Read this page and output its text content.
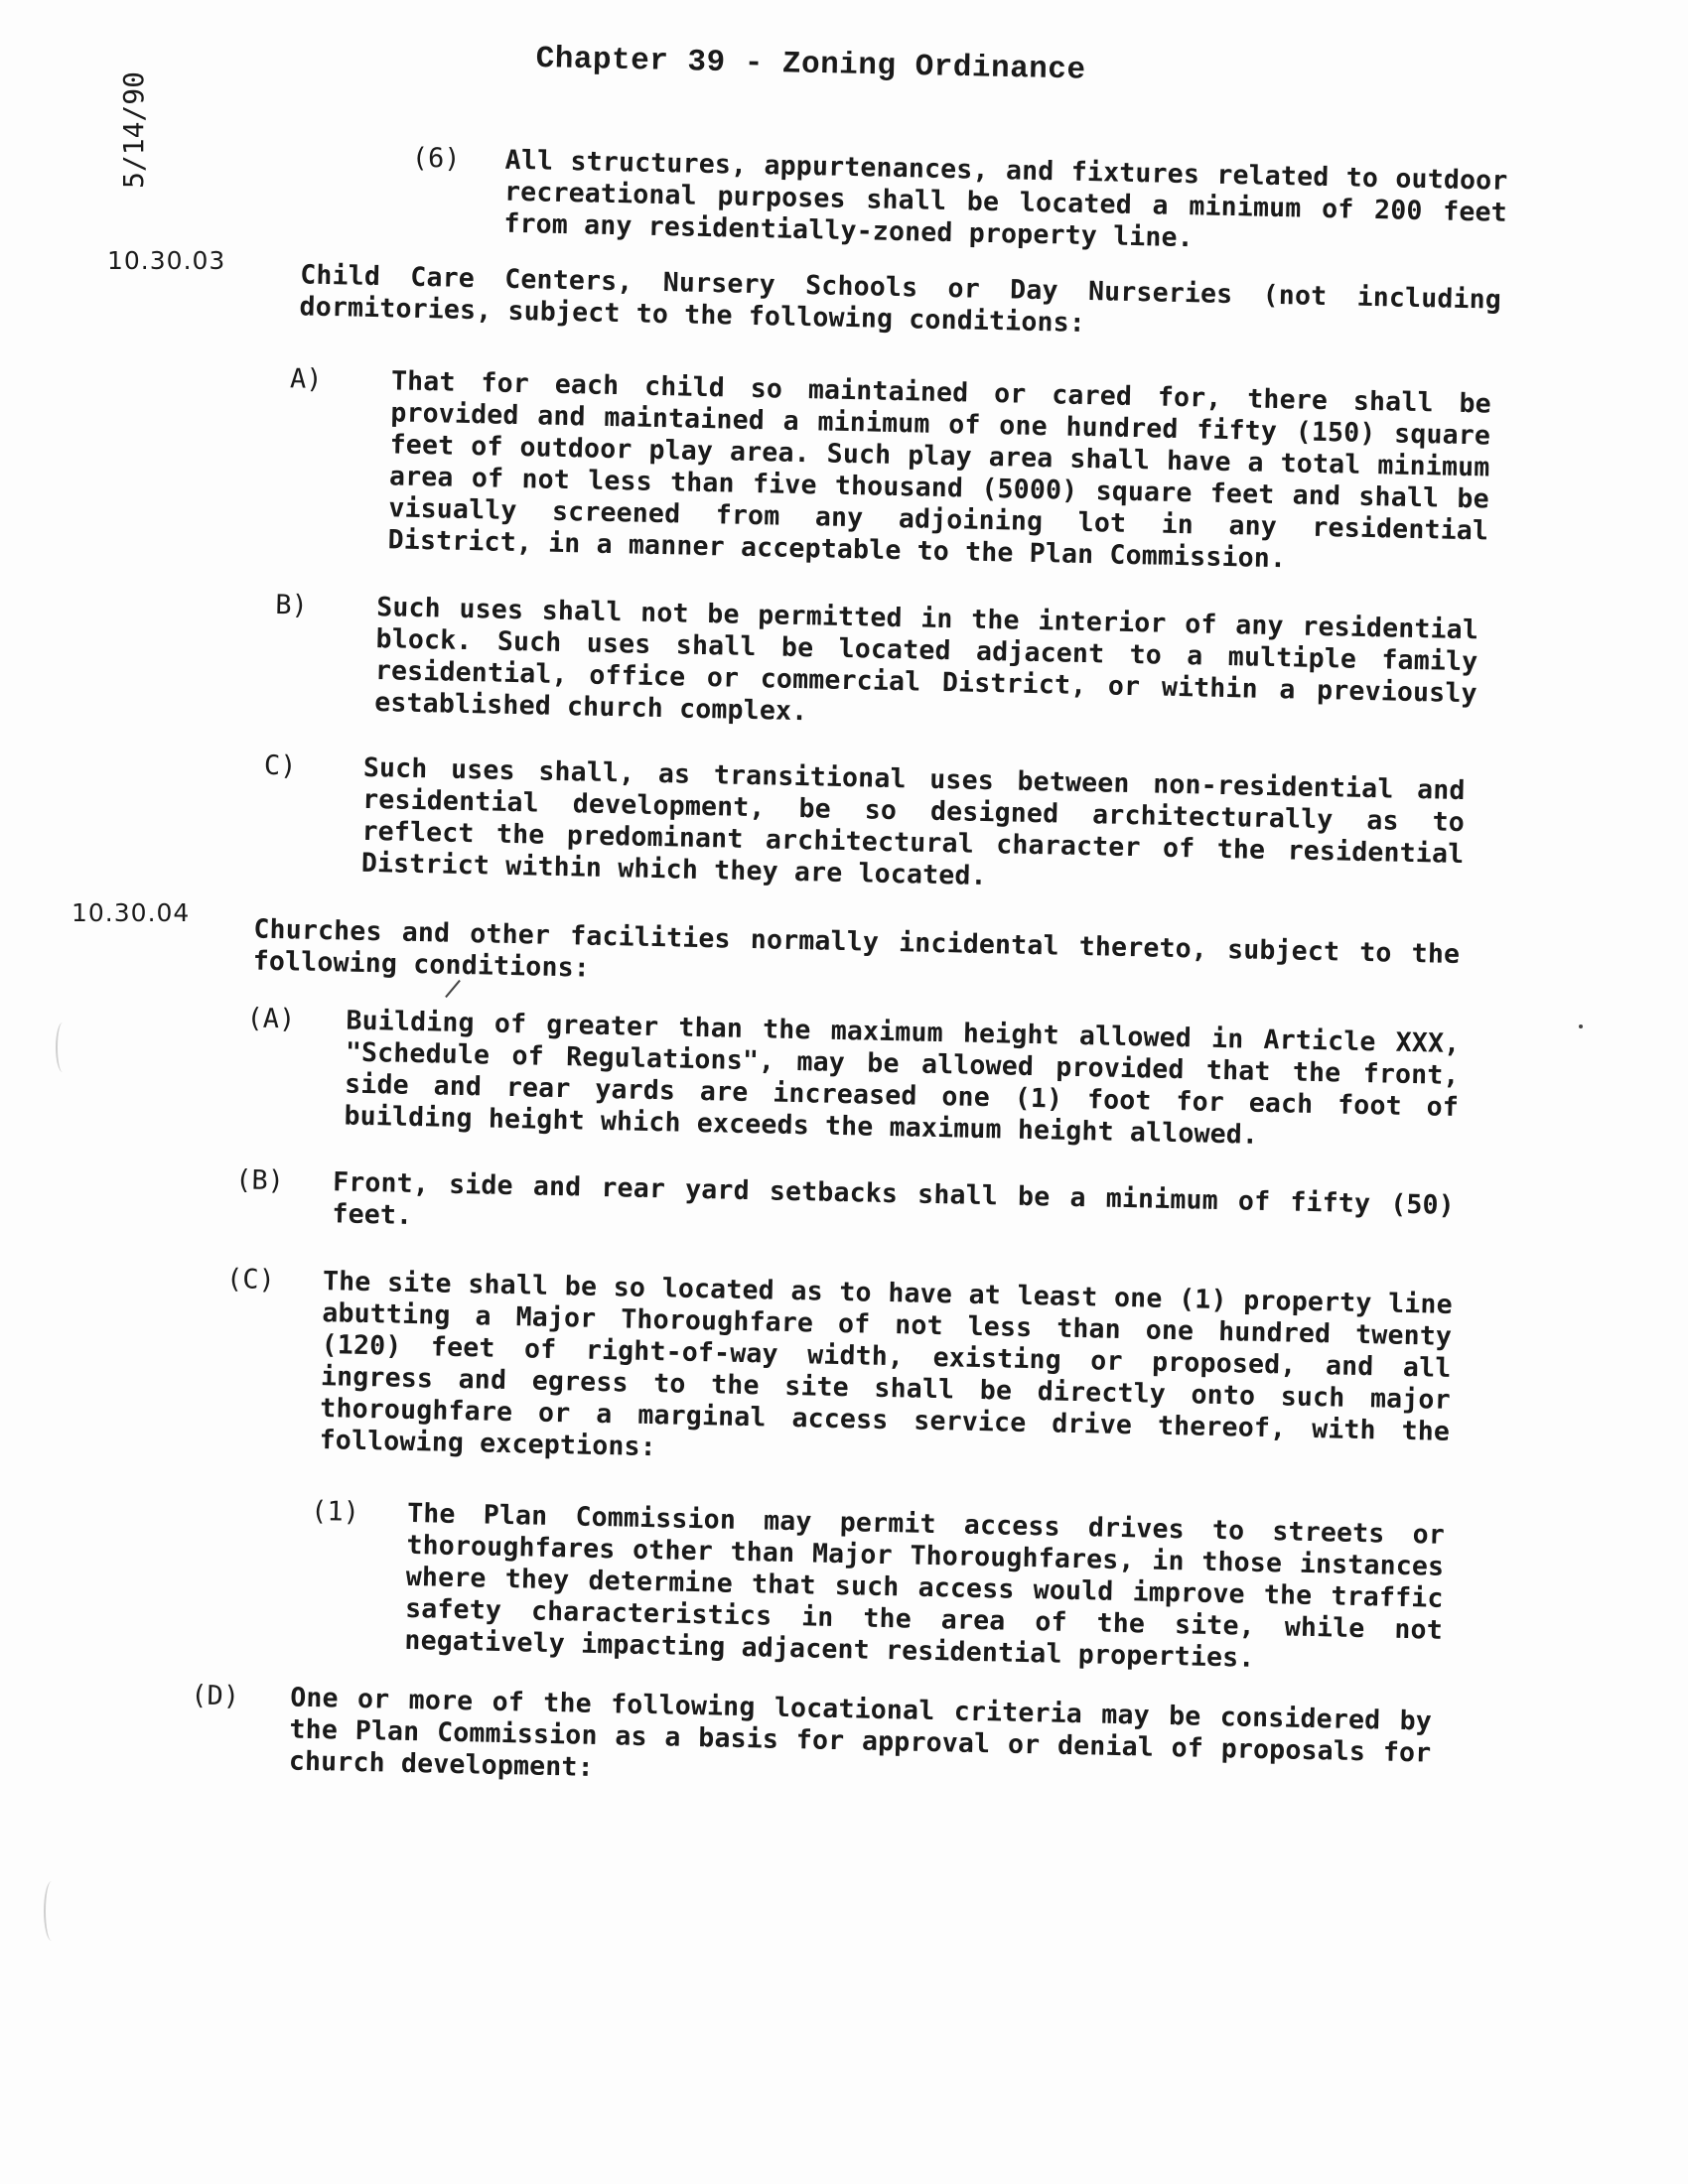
5/14/90
Chapter 39 - Zoning Ordinance
(6) All structures, appurtenances, and fixtures related to outdoor recreational purposes shall be located a minimum of 200 feet from any residentially-zoned property line.
10.30.03	Child Care Centers, Nursery Schools or Day Nurseries (not including dormitories, subject to the following conditions:
A)	That for each child so maintained or cared for, there shall be provided and maintained a minimum of one hundred fifty (150) square feet of outdoor play area. Such play area shall have a total minimum area of not less than five thousand (5000) square feet and shall be visually screened from any adjoining lot in any residential District, in a manner acceptable to the Plan Commission.
B)	Such uses shall not be permitted in the interior of any residential block. Such uses shall be located adjacent to a multiple family residential, office or commercial District, or within a previously established church complex.
C)	Such uses shall, as transitional uses between non-residential and residential development, be so designed architecturally as to reflect the predominant architectural character of the residential District within which they are located.
10.30.04
Churches and other facilities normally incidental thereto, subject to the following conditions:
(A) Building of greater than the maximum height allowed in Article XXX, "Schedule of Regulations", may be allowed provided that the front, side and rear yards are increased one (1) foot for each foot of building height which exceeds the maximum height allowed.
(B) Front, side and rear yard setbacks shall be a minimum of fifty (50) feet.
(C) The site shall be so located as to have at least one (1) property line abutting a Major Thoroughfare of not less than one hundred twenty (120) feet of right-of-way width, existing or proposed, and all ingress and egress to the site shall be directly onto such major thoroughfare or a marginal access service drive thereof, with the following exceptions:
(1) The Plan Commission may permit access drives to streets or thoroughfares other than Major Thoroughfares, in those instances where they determine that such access would improve the traffic safety characteristics in the area of the site, while not negatively impacting adjacent residential properties.
(D) One or more of the following locational criteria may be considered by the Plan Commission as a basis for approval or denial of proposals for church development:
